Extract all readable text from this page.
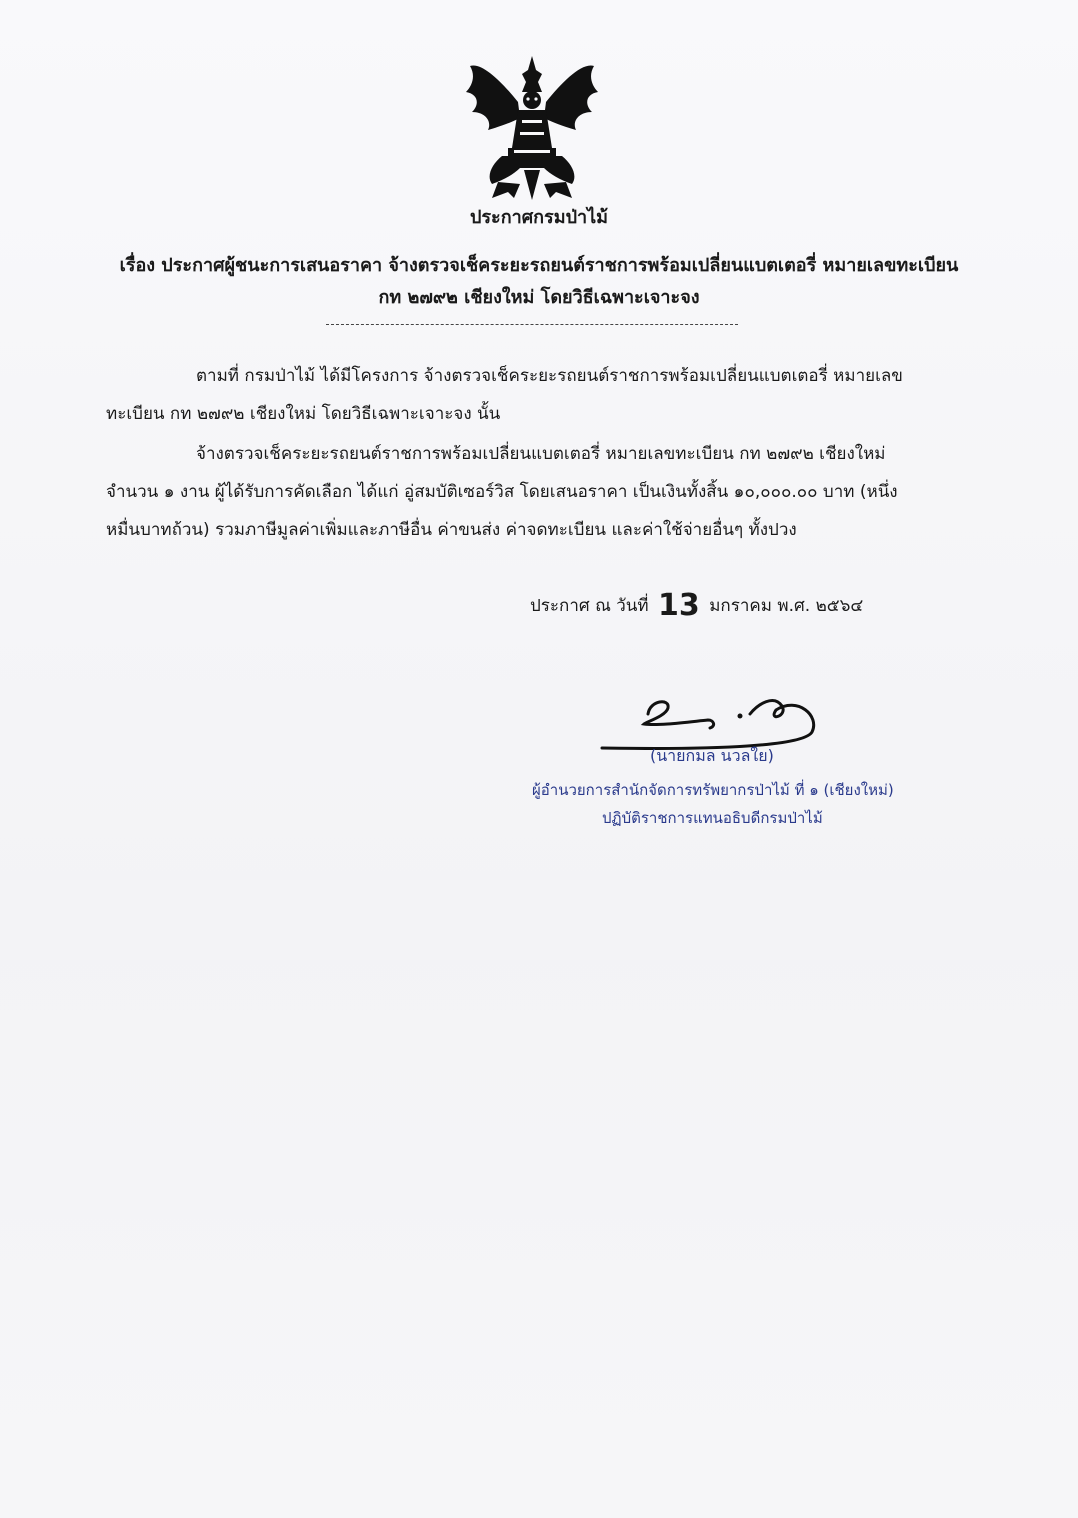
ประกาศกรมป่าไม้
เรื่อง ประกาศผู้ชนะการเสนอราคา จ้างตรวจเช็คระยะรถยนต์ราชการพร้อมเปลี่ยนแบตเตอรี่ หมายเลขทะเบียน
กท ๒๗๙๒ เชียงใหม่ โดยวิธีเฉพาะเจาะจง
ตามที่ กรมป่าไม้ ได้มีโครงการ จ้างตรวจเช็คระยะรถยนต์ราชการพร้อมเปลี่ยนแบตเตอรี่ หมายเลข
ทะเบียน กท ๒๗๙๒ เชียงใหม่ โดยวิธีเฉพาะเจาะจง นั้น
จ้างตรวจเช็คระยะรถยนต์ราชการพร้อมเปลี่ยนแบตเตอรี่ หมายเลขทะเบียน กท ๒๗๙๒ เชียงใหม่
จำนวน ๑ งาน ผู้ได้รับการคัดเลือก ได้แก่ อู่สมบัติเซอร์วิส โดยเสนอราคา เป็นเงินทั้งสิ้น ๑๐,๐๐๐.๐๐ บาท (หนึ่ง
หมื่นบาทถ้วน) รวมภาษีมูลค่าเพิ่มและภาษีอื่น ค่าขนส่ง ค่าจดทะเบียน และค่าใช้จ่ายอื่นๆ ทั้งปวง
ประกาศ ณ วันที่ 13 มกราคม พ.ศ. ๒๕๖๔
(นายกมล นวลใย)
ผู้อำนวยการสำนักจัดการทรัพยากรป่าไม้ ที่ ๑ (เชียงใหม่)
ปฏิบัติราชการแทนอธิบดีกรมป่าไม้
